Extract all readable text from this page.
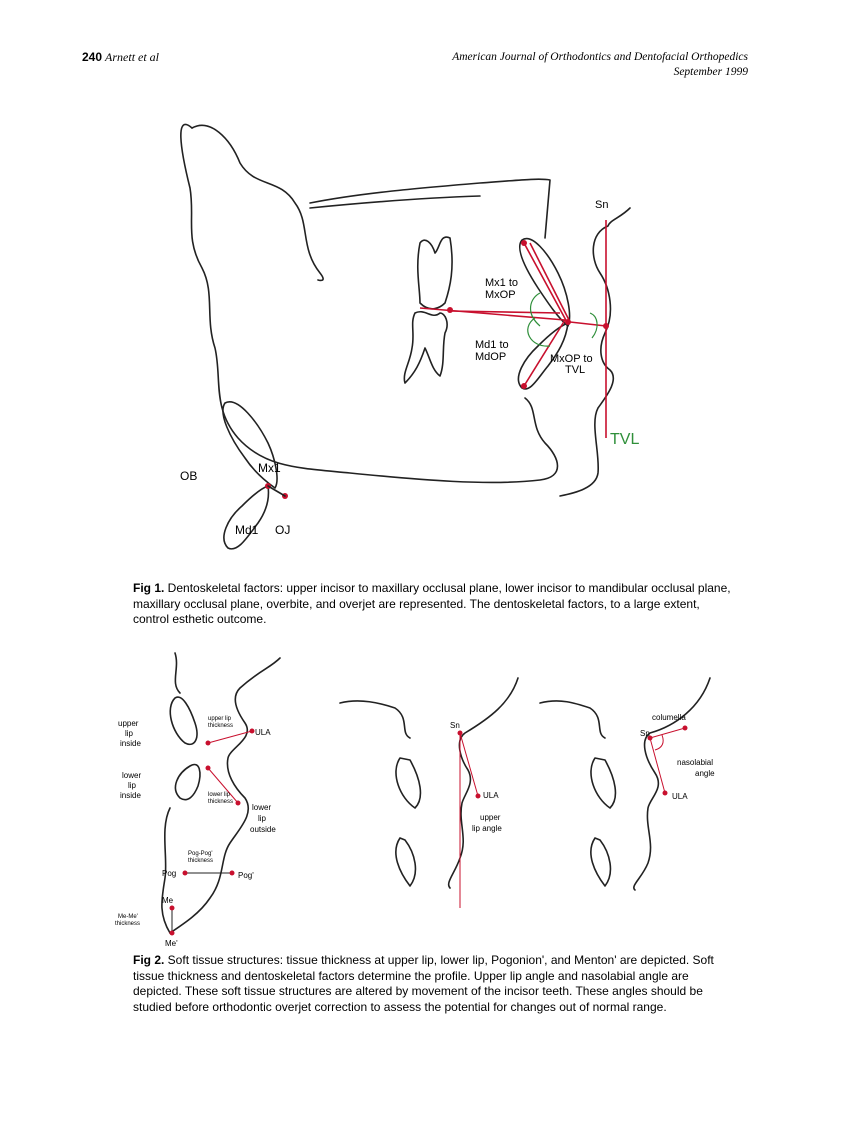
240 Arnett et al	American Journal of Orthodontics and Dentofacial Orthopedics
September 1999
Sn
Mx1 to
MxOP
Md1 to
MdOP	MxOP to
TVL
TVL
OB
Mx1
Md1 OJ
Fig 1. Dentoskeletal factors: upper incisor to maxillary occlusal plane, lower incisor to mandibular occlusal plane, maxillary occlusal plane, overbite, and overjet are represented. The dentoskeletal factors, to a large extent, control esthetic outcome.
upper
lip
inside
upper lip
thickness
ULA
lower
lip
inside	lower lip
thickness
lower
lip
outside
Pog-Pog'
thickness
Pog	Pog'
Me
Me-Me'
thickness
Me'
Sn
ULA
upper
lip angle
columella
Sn
nasolabial
angle
ULA
Fig 2. Soft tissue structures: tissue thickness at upper lip, lower lip, Pogonion', and Menton' are depicted. Soft tissue thickness and dentoskeletal factors determine the profile. Upper lip angle and nasolabial angle are depicted. These soft tissue structures are altered by movement of the incisor teeth. These angles should be studied before orthodontic overjet correction to assess the potential for changes out of normal range.
